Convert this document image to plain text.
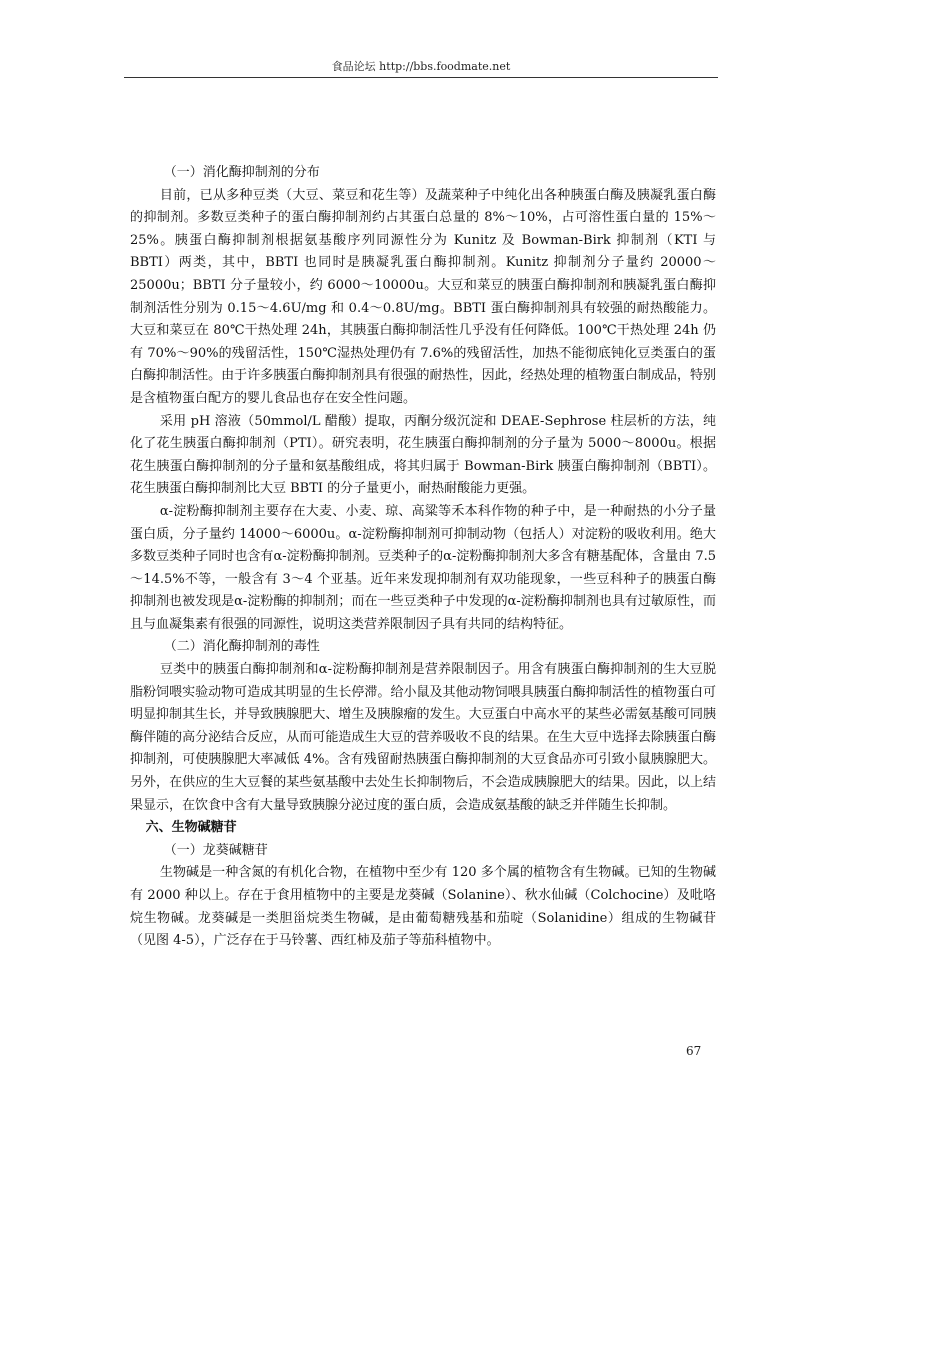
食品论坛 http://bbs.foodmate.net

（一）消化酶抑制剂的分布

目前，已从多种豆类（大豆、菜豆和花生等）及蔬菜种子中纯化出各种胰蛋白酶及胰凝乳蛋白酶的抑制剂。多数豆类种子的蛋白酶抑制剂约占其蛋白总量的 8%～10%，占可溶性蛋白量的 15%～25%。胰蛋白酶抑制剂根据氨基酸序列同源性分为 Kunitz 及 Bowman-Birk 抑制剂（KTI 与 BBTI）两类，其中，BBTI 也同时是胰凝乳蛋白酶抑制剂。Kunitz 抑制剂分子量约 20000～25000u；BBTI 分子量较小，约 6000～10000u。大豆和菜豆的胰蛋白酶抑制剂和胰凝乳蛋白酶抑制剂活性分别为 0.15～4.6U/mg 和 0.4～0.8U/mg。BBTI 蛋白酶抑制剂具有较强的耐热酸能力。大豆和菜豆在 80℃干热处理 24h，其胰蛋白酶抑制活性几乎没有任何降低。100℃干热处理 24h 仍有 70%～90%的残留活性，150℃湿热处理仍有 7.6%的残留活性，加热不能彻底钝化豆类蛋白的蛋白酶抑制活性。由于许多胰蛋白酶抑制剂具有很强的耐热性，因此，经热处理的植物蛋白制成品，特别是含植物蛋白配方的婴儿食品也存在安全性问题。

采用 pH 溶液（50mmol/L 醋酸）提取，丙酮分级沉淀和 DEAE-Sephrose 柱层析的方法，纯化了花生胰蛋白酶抑制剂（PTI）。研究表明，花生胰蛋白酶抑制剂的分子量为 5000～8000u。根据花生胰蛋白酶抑制剂的分子量和氨基酸组成，将其归属于 Bowman-Birk 胰蛋白酶抑制剂（BBTI）。花生胰蛋白酶抑制剂比大豆 BBTI 的分子量更小，耐热耐酸能力更强。

α-淀粉酶抑制剂主要存在大麦、小麦、琼、高粱等禾本科作物的种子中，是一种耐热的小分子量蛋白质，分子量约 14000～6000u。α-淀粉酶抑制剂可抑制动物（包括人）对淀粉的吸收利用。绝大多数豆类种子同时也含有α-淀粉酶抑制剂。豆类种子的α-淀粉酶抑制剂大多含有糖基配体，含量由 7.5～14.5%不等，一般含有 3～4 个亚基。近年来发现抑制剂有双功能现象，一些豆科种子的胰蛋白酶抑制剂也被发现是α-淀粉酶的抑制剂；而在一些豆类种子中发现的α-淀粉酶抑制剂也具有过敏原性，而且与血凝集素有很强的同源性，说明这类营养限制因子具有共同的结构特征。

（二）消化酶抑制剂的毒性

豆类中的胰蛋白酶抑制剂和α-淀粉酶抑制剂是营养限制因子。用含有胰蛋白酶抑制剂的生大豆脱脂粉饲喂实验动物可造成其明显的生长停滞。给小鼠及其他动物饲喂具胰蛋白酶抑制活性的植物蛋白可明显抑制其生长，并导致胰腺肥大、增生及胰腺瘤的发生。大豆蛋白中高水平的某些必需氨基酸可同胰酶伴随的高分泌结合反应，从而可能造成生大豆的营养吸收不良的结果。在生大豆中选择去除胰蛋白酶抑制剂，可使胰腺肥大率减低 4%。含有残留耐热胰蛋白酶抑制剂的大豆食品亦可引致小鼠胰腺肥大。另外，在供应的生大豆餐的某些氨基酸中去处生长抑制物后，不会造成胰腺肥大的结果。因此，以上结果显示，在饮食中含有大量导致胰腺分泌过度的蛋白质，会造成氨基酸的缺乏并伴随生长抑制。

六、生物碱糖苷

（一）龙葵碱糖苷

生物碱是一种含氮的有机化合物，在植物中至少有 120 多个属的植物含有生物碱。已知的生物碱有 2000 种以上。存在于食用植物中的主要是龙葵碱（Solanine）、秋水仙碱（Colchocine）及吡咯烷生物碱。龙葵碱是一类胆甾烷类生物碱，是由葡萄糖残基和茄啶（Solanidine）组成的生物碱苷（见图 4-5），广泛存在于马铃薯、西红柿及茄子等茄科植物中。

67
